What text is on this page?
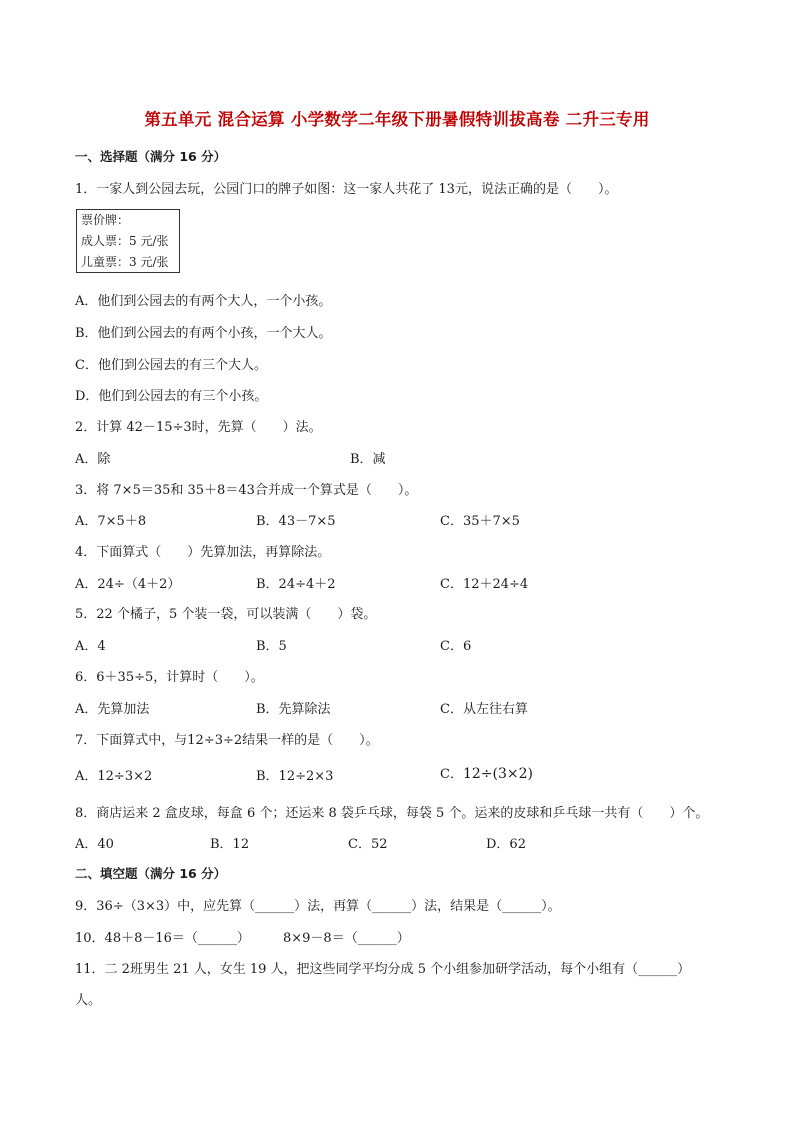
第五单元 混合运算 小学数学二年级下册暑假特训拔高卷 二升三专用
一、选择题（满分 16 分）
1．一家人到公园去玩，公园门口的牌子如图：这一家人共花了 13元，说法正确的是（　　）。
票价牌：
成人票：5 元/张
儿童票：3 元/张
A．他们到公园去的有两个大人，一个小孩。
B．他们到公园去的有两个小孩，一个大人。
C．他们到公园去的有三个大人。
D．他们到公园去的有三个小孩。
2．计算 42－15÷3时，先算（　　）法。
A．除	B．减
3．将 7×5＝35和 35＋8＝43合并成一个算式是（　　）。
A．7×5＋8	B．43－7×5	C．35＋7×5
4．下面算式（　　）先算加法，再算除法。
A．24÷（4＋2）	B．24÷4＋2	C．12＋24÷4
5．22 个橘子，5 个装一袋，可以装满（　　）袋。
A．4	B．5	C．6
6．6＋35÷5，计算时（　　）。
A．先算加法	B．先算除法	C．从左往右算
7．下面算式中，与12÷3÷2结果一样的是（　　）。
A．12÷3×2	B．12÷2×3	C．12÷(3×2)
8．商店运来 2 盒皮球，每盒 6 个；还运来 8 袋乒乓球，每袋 5 个。运来的皮球和乒乓球一共有（　　）个。
A．40	B．12	C．52	D．62
二、填空题（满分 16 分）
9．36÷（3×3）中，应先算（______）法，再算（______）法，结果是（______）。
10．48＋8－16＝（______）	8×9－8＝（______）
11．二 2班男生 21 人，女生 19 人，把这些同学平均分成 5 个小组参加研学活动，每个小组有（______）
人。
